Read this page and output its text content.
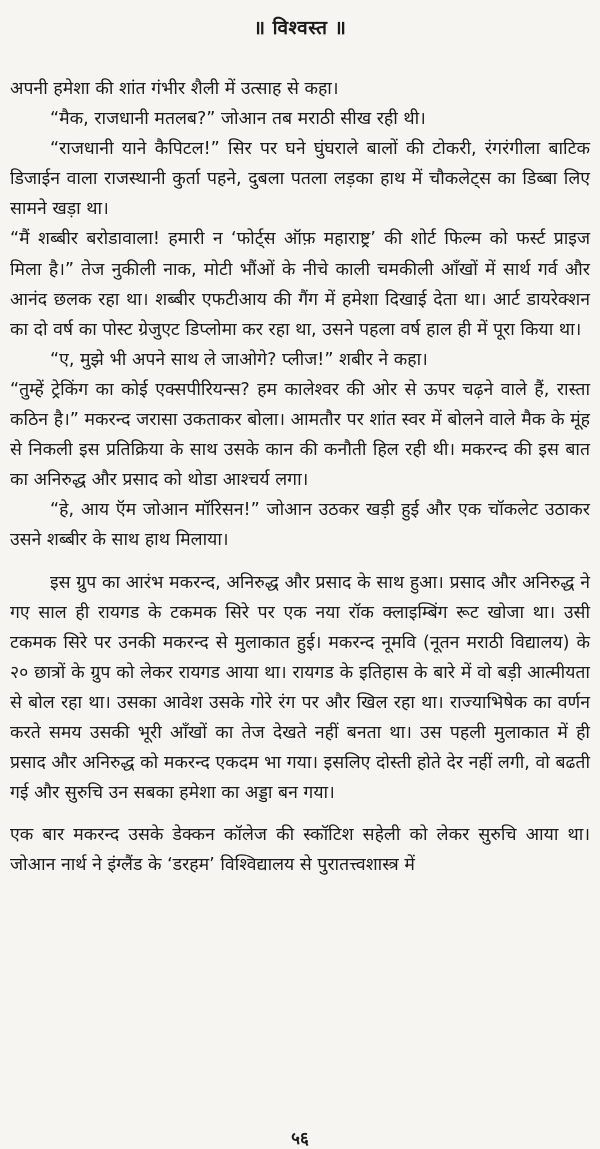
॥ विश्वस्त ॥

अपनी हमेशा की शांत गंभीर शैली में उत्साह से कहा।

“मैक, राजधानी मतलब?” जोआन तब मराठी सीख रही थी।

“राजधानी याने कैपिटल!” सिर पर घने घुंघराले बालों की टोकरी, रंगरंगीला बाटिक डिजाईन वाला राजस्थानी कुर्ता पहने, दुबला पतला लड़का हाथ में चौकलेट्स का डिब्बा लिए सामने खड़ा था।

“मैं शब्बीर बरोडावाला! हमारी न ‘फोर्ट्स ऑफ़ महाराष्ट्र’ की शोर्ट फिल्म को फर्स्ट प्राइज मिला है।” तेज नुकीली नाक, मोटी भौंओं के नीचे काली चमकीली आँखों में सार्थ गर्व और आनंद छलक रहा था। शब्बीर एफटीआय की गैंग में हमेशा दिखाई देता था। आर्ट डायरेक्शन का दो वर्ष का पोस्ट ग्रेजुएट डिप्लोमा कर रहा था, उसने पहला वर्ष हाल ही में पूरा किया था।

“ए, मुझे भी अपने साथ ले जाओगे? प्लीज!” शबीर ने कहा।

“तुम्हें ट्रेकिंग का कोई एक्सपीरियन्स? हम कालेश्वर की ओर से ऊपर चढ़ने वाले हैं, रास्ता कठिन है।” मकरन्द जरासा उकताकर बोला। आमतौर पर शांत स्वर में बोलने वाले मैक के मूंह से निकली इस प्रतिक्रिया के साथ उसके कान की कनौती हिल रही थी। मकरन्द की इस बात का अनिरुद्ध और प्रसाद को थोडा आश्चर्य लगा।

“हे, आय ऍम जोआन मॉरिसन!” जोआन उठकर खड़ी हुई और एक चॉकलेट उठाकर उसने शब्बीर के साथ हाथ मिलाया।

इस ग्रुप का आरंभ मकरन्द, अनिरुद्ध और प्रसाद के साथ हुआ। प्रसाद और अनिरुद्ध ने गए साल ही रायगड के टकमक सिरे पर एक नया रॉक क्लाइम्बिंग रूट खोजा था। उसी टकमक सिरे पर उनकी मकरन्द से मुलाकात हुई। मकरन्द नूमवि (नूतन मराठी विद्यालय) के २० छात्रों के ग्रुप को लेकर रायगड आया था। रायगड के इतिहास के बारे में वो बड़ी आत्मीयता से बोल रहा था। उसका आवेश उसके गोरे रंग पर और खिल रहा था। राज्याभिषेक का वर्णन करते समय उसकी भूरी आँखों का तेज देखते नहीं बनता था। उस पहली मुलाकात में ही प्रसाद और अनिरुद्ध को मकरन्द एकदम भा गया। इसलिए दोस्ती होते देर नहीं लगी, वो बढती गई और सुरुचि उन सबका हमेशा का अड्डा बन गया।

एक बार मकरन्द उसके डेक्कन कॉलेज की स्कॉटिश सहेली को लेकर सुरुचि आया था। जोआन नार्थ ने इंग्लैंड के ‘डरहम’ विश्विद्यालय से पुरातत्त्वशास्त्र में

५६
